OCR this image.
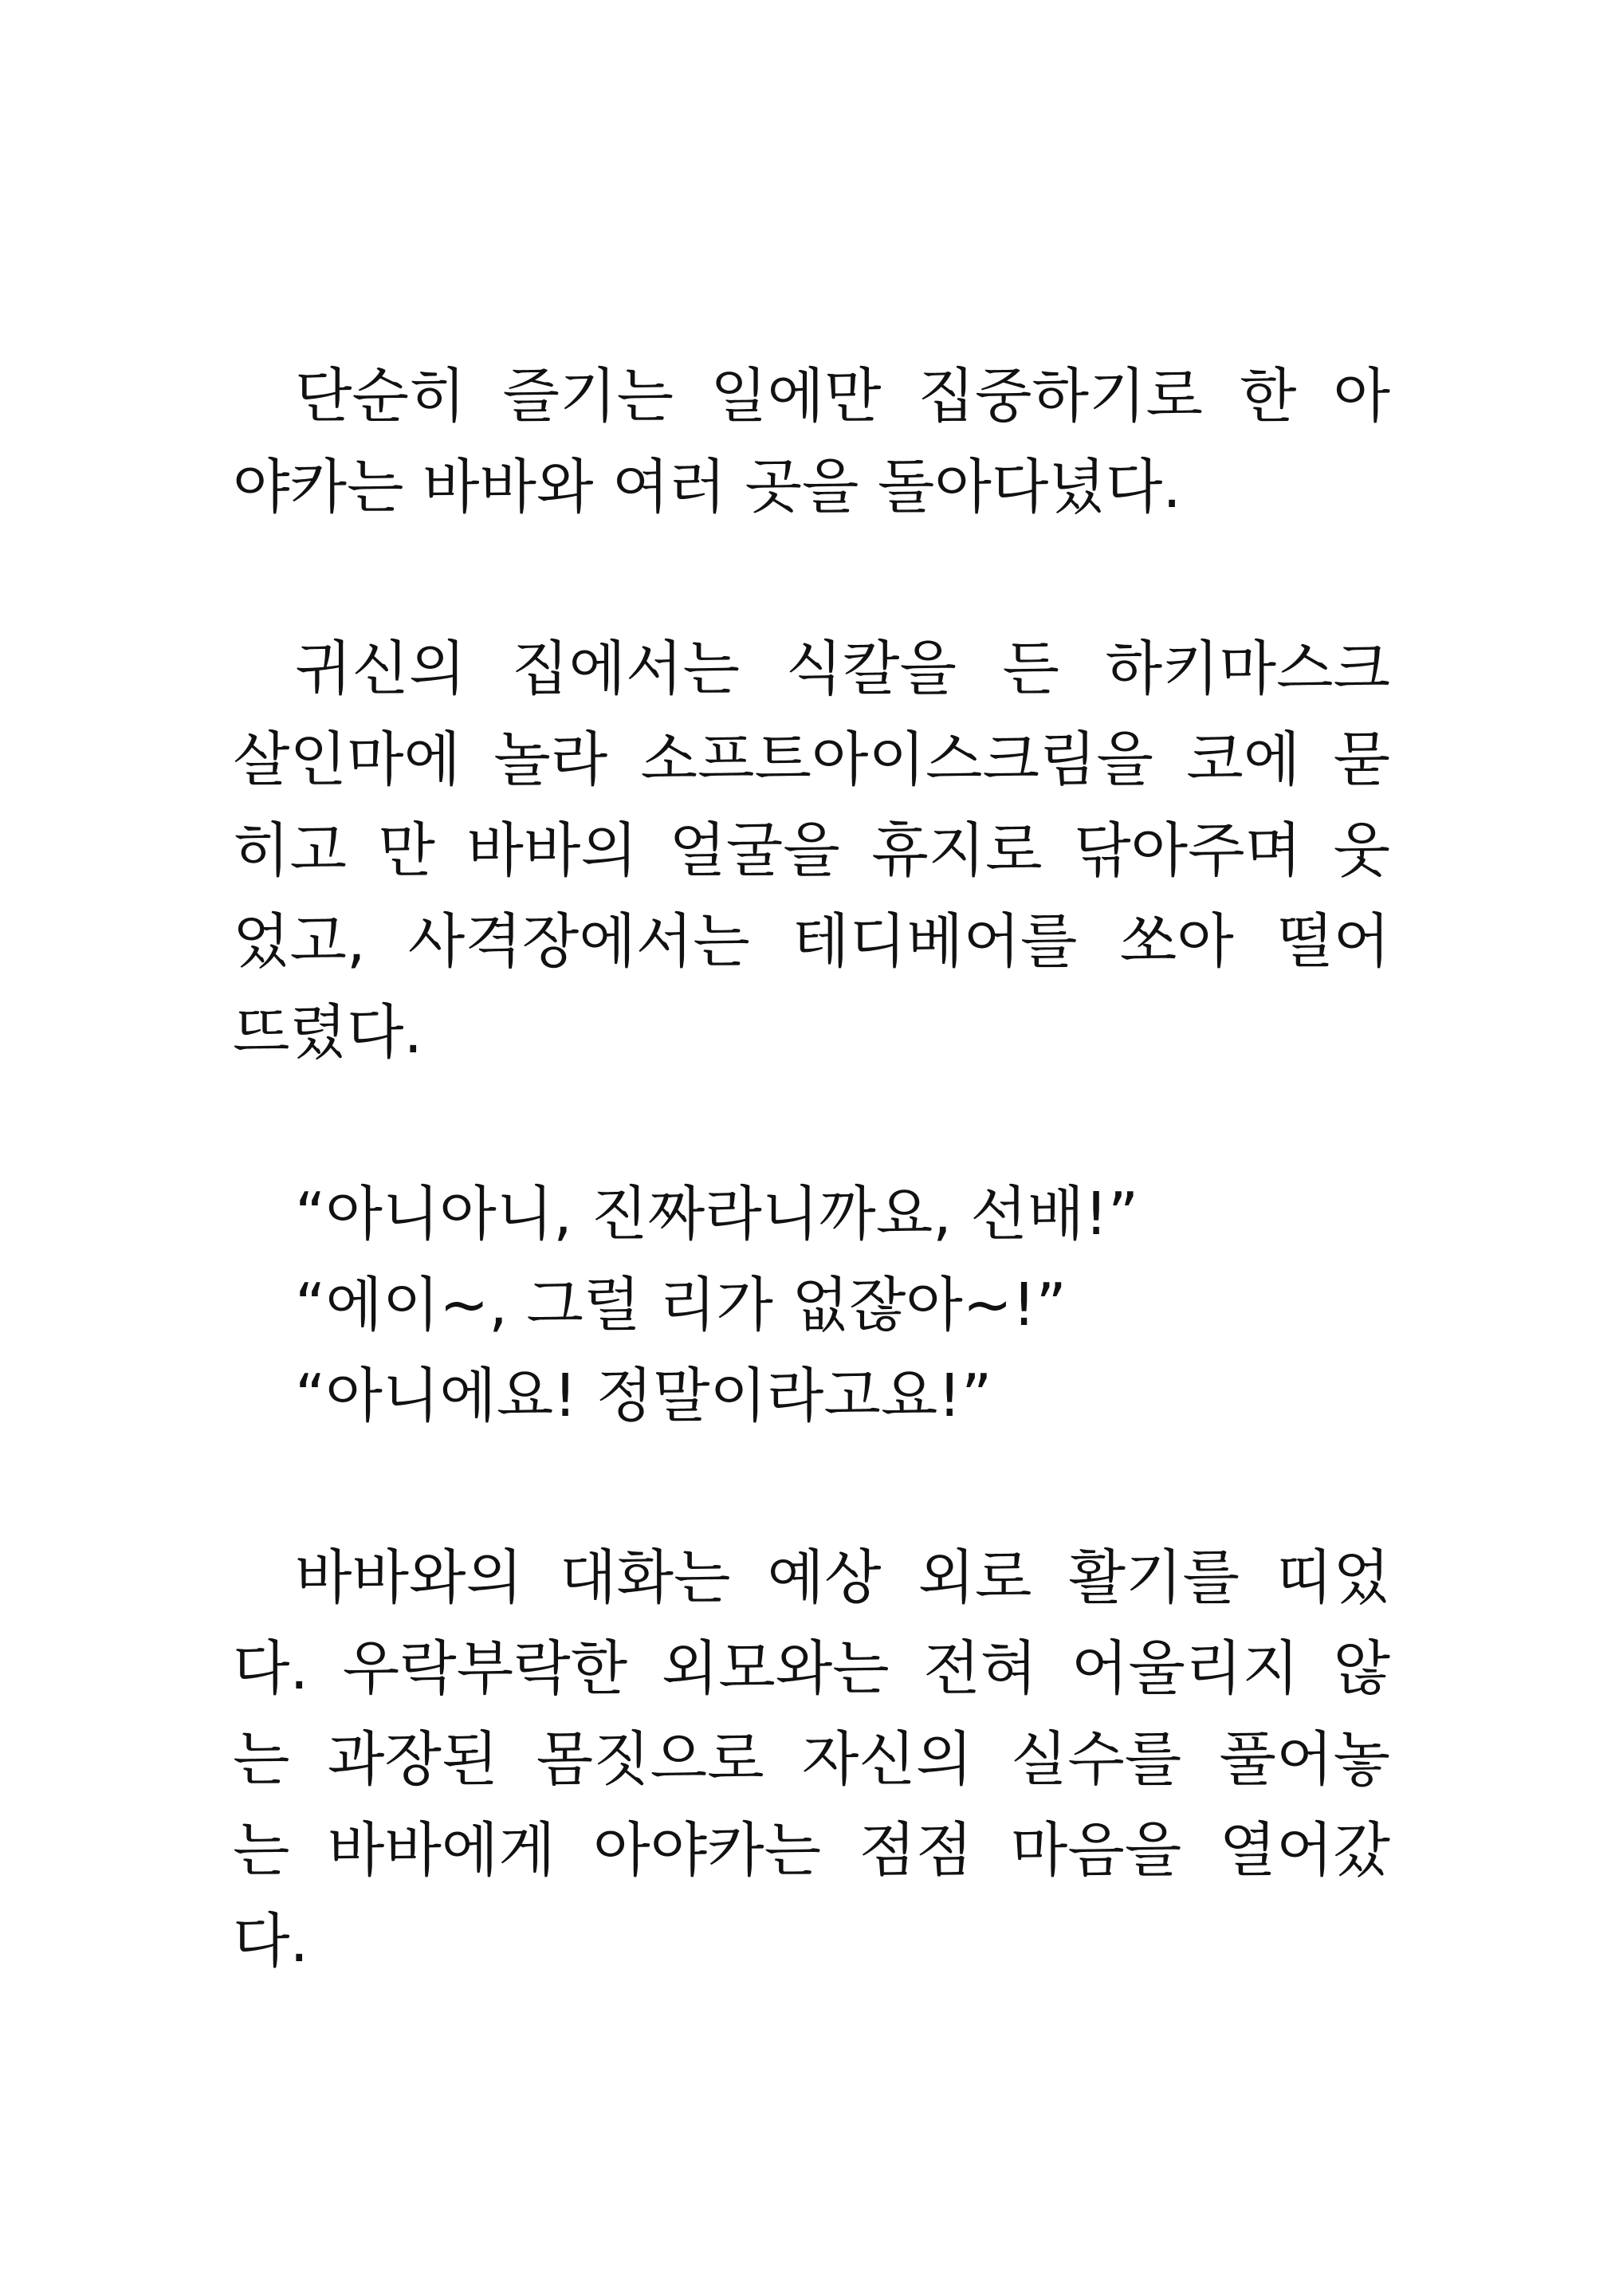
단순히 즐기는 일에만 집중하기로 한 아
야카는 바바와 여러 곳을 돌아다녔다.
귀신의 집에서는 식칼을 든 하키마스크
살인마에 놀라 소프트아이스크림을 코에 묻
히고 만 바바의 얼굴을 휴지로 닦아주며 웃
었고, 사격장에서는 테디베어를 쏘아 떨어
뜨렸다.
“아니아니, 진짜라니까요, 선배!”
“에이~, 그럴 리가 없잖아~!”
“아니에요! 정말이라고요!”
바바와의 대화는 예상 외로 활기를 띠었
다. 우락부락한 외모와는 전혀 어울리지 않
는 과장된 몸짓으로 자신의 실수를 풀어놓
는 바바에게 아야카는 점점 마음을 열어갔
다.
